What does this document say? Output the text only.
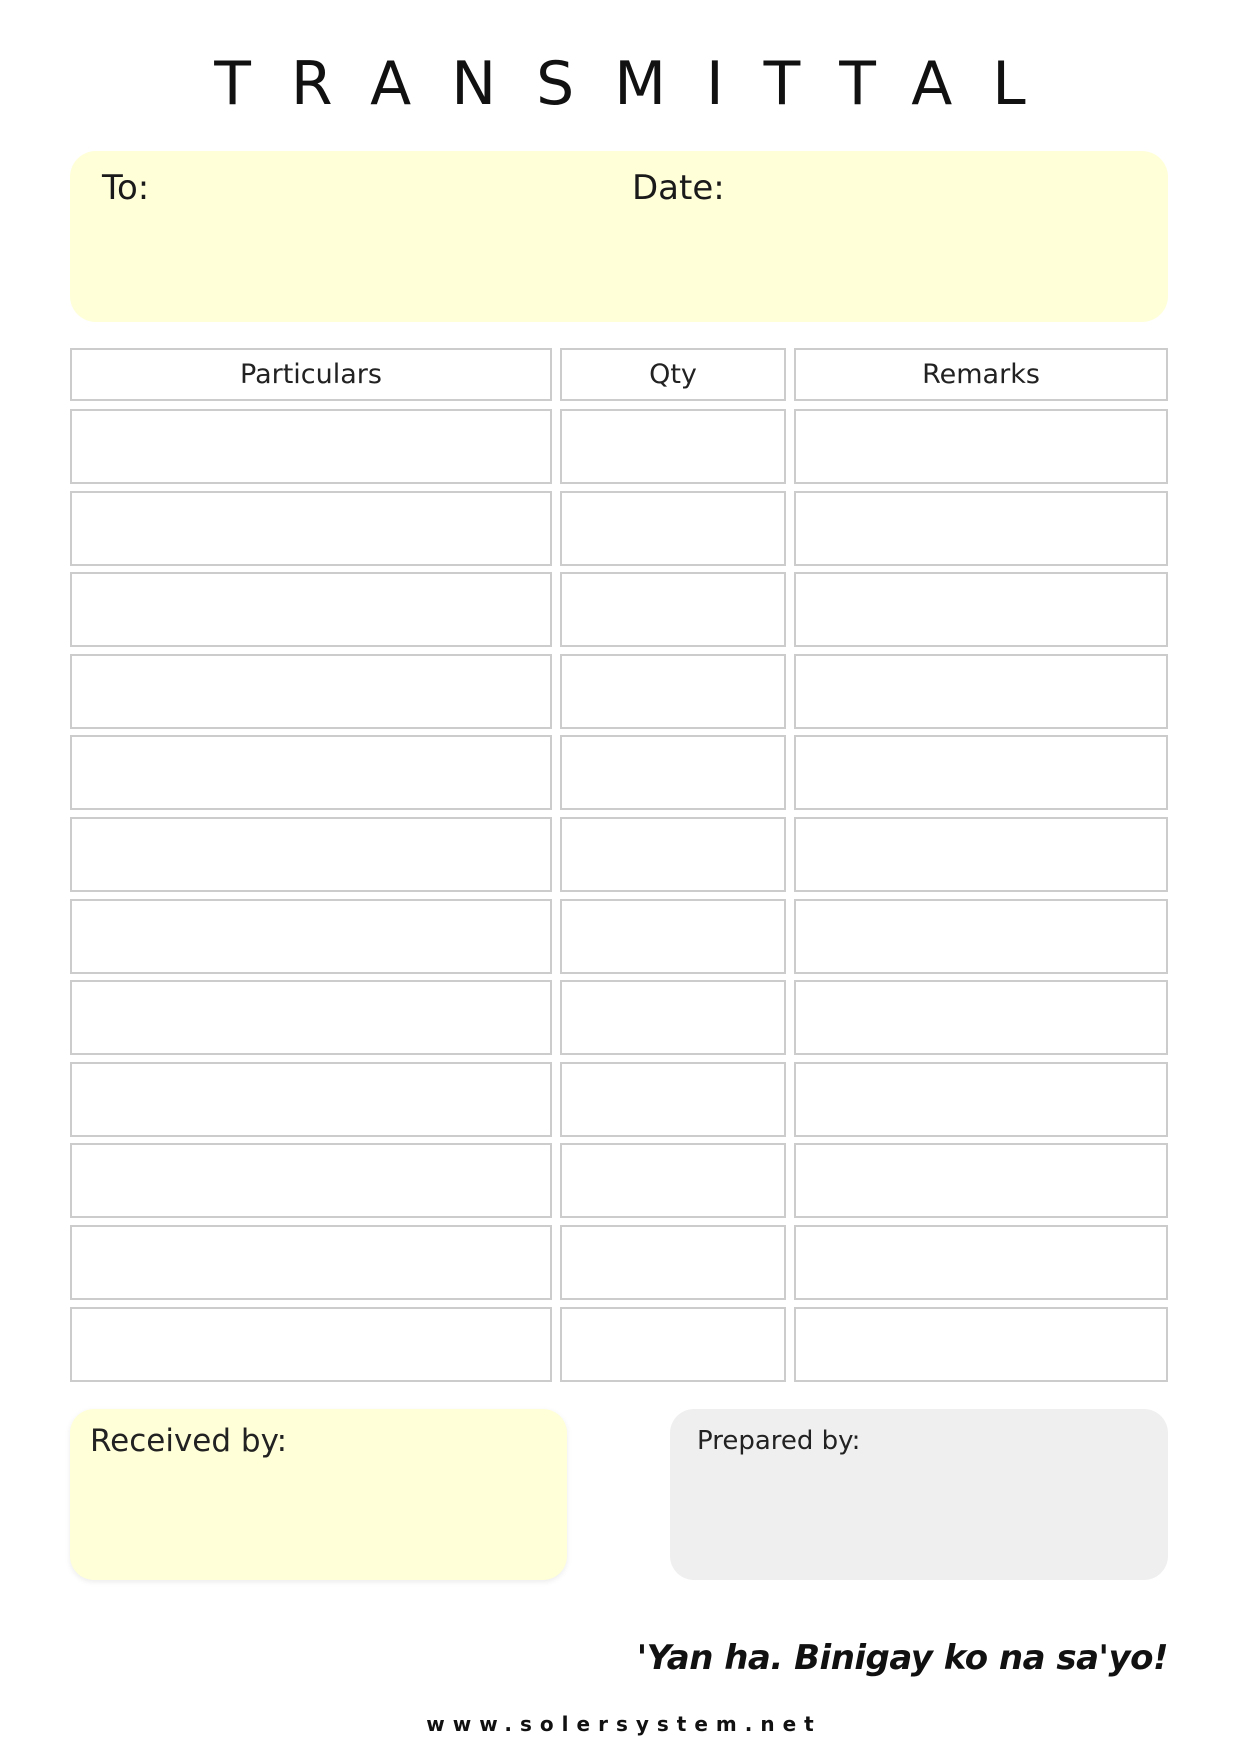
TRANSMITTAL
To:	Date:
Particulars	Qty	Remarks
Received by:	Prepared by:
'Yan ha. Binigay ko na sa'yo!
www.solersystem.net
